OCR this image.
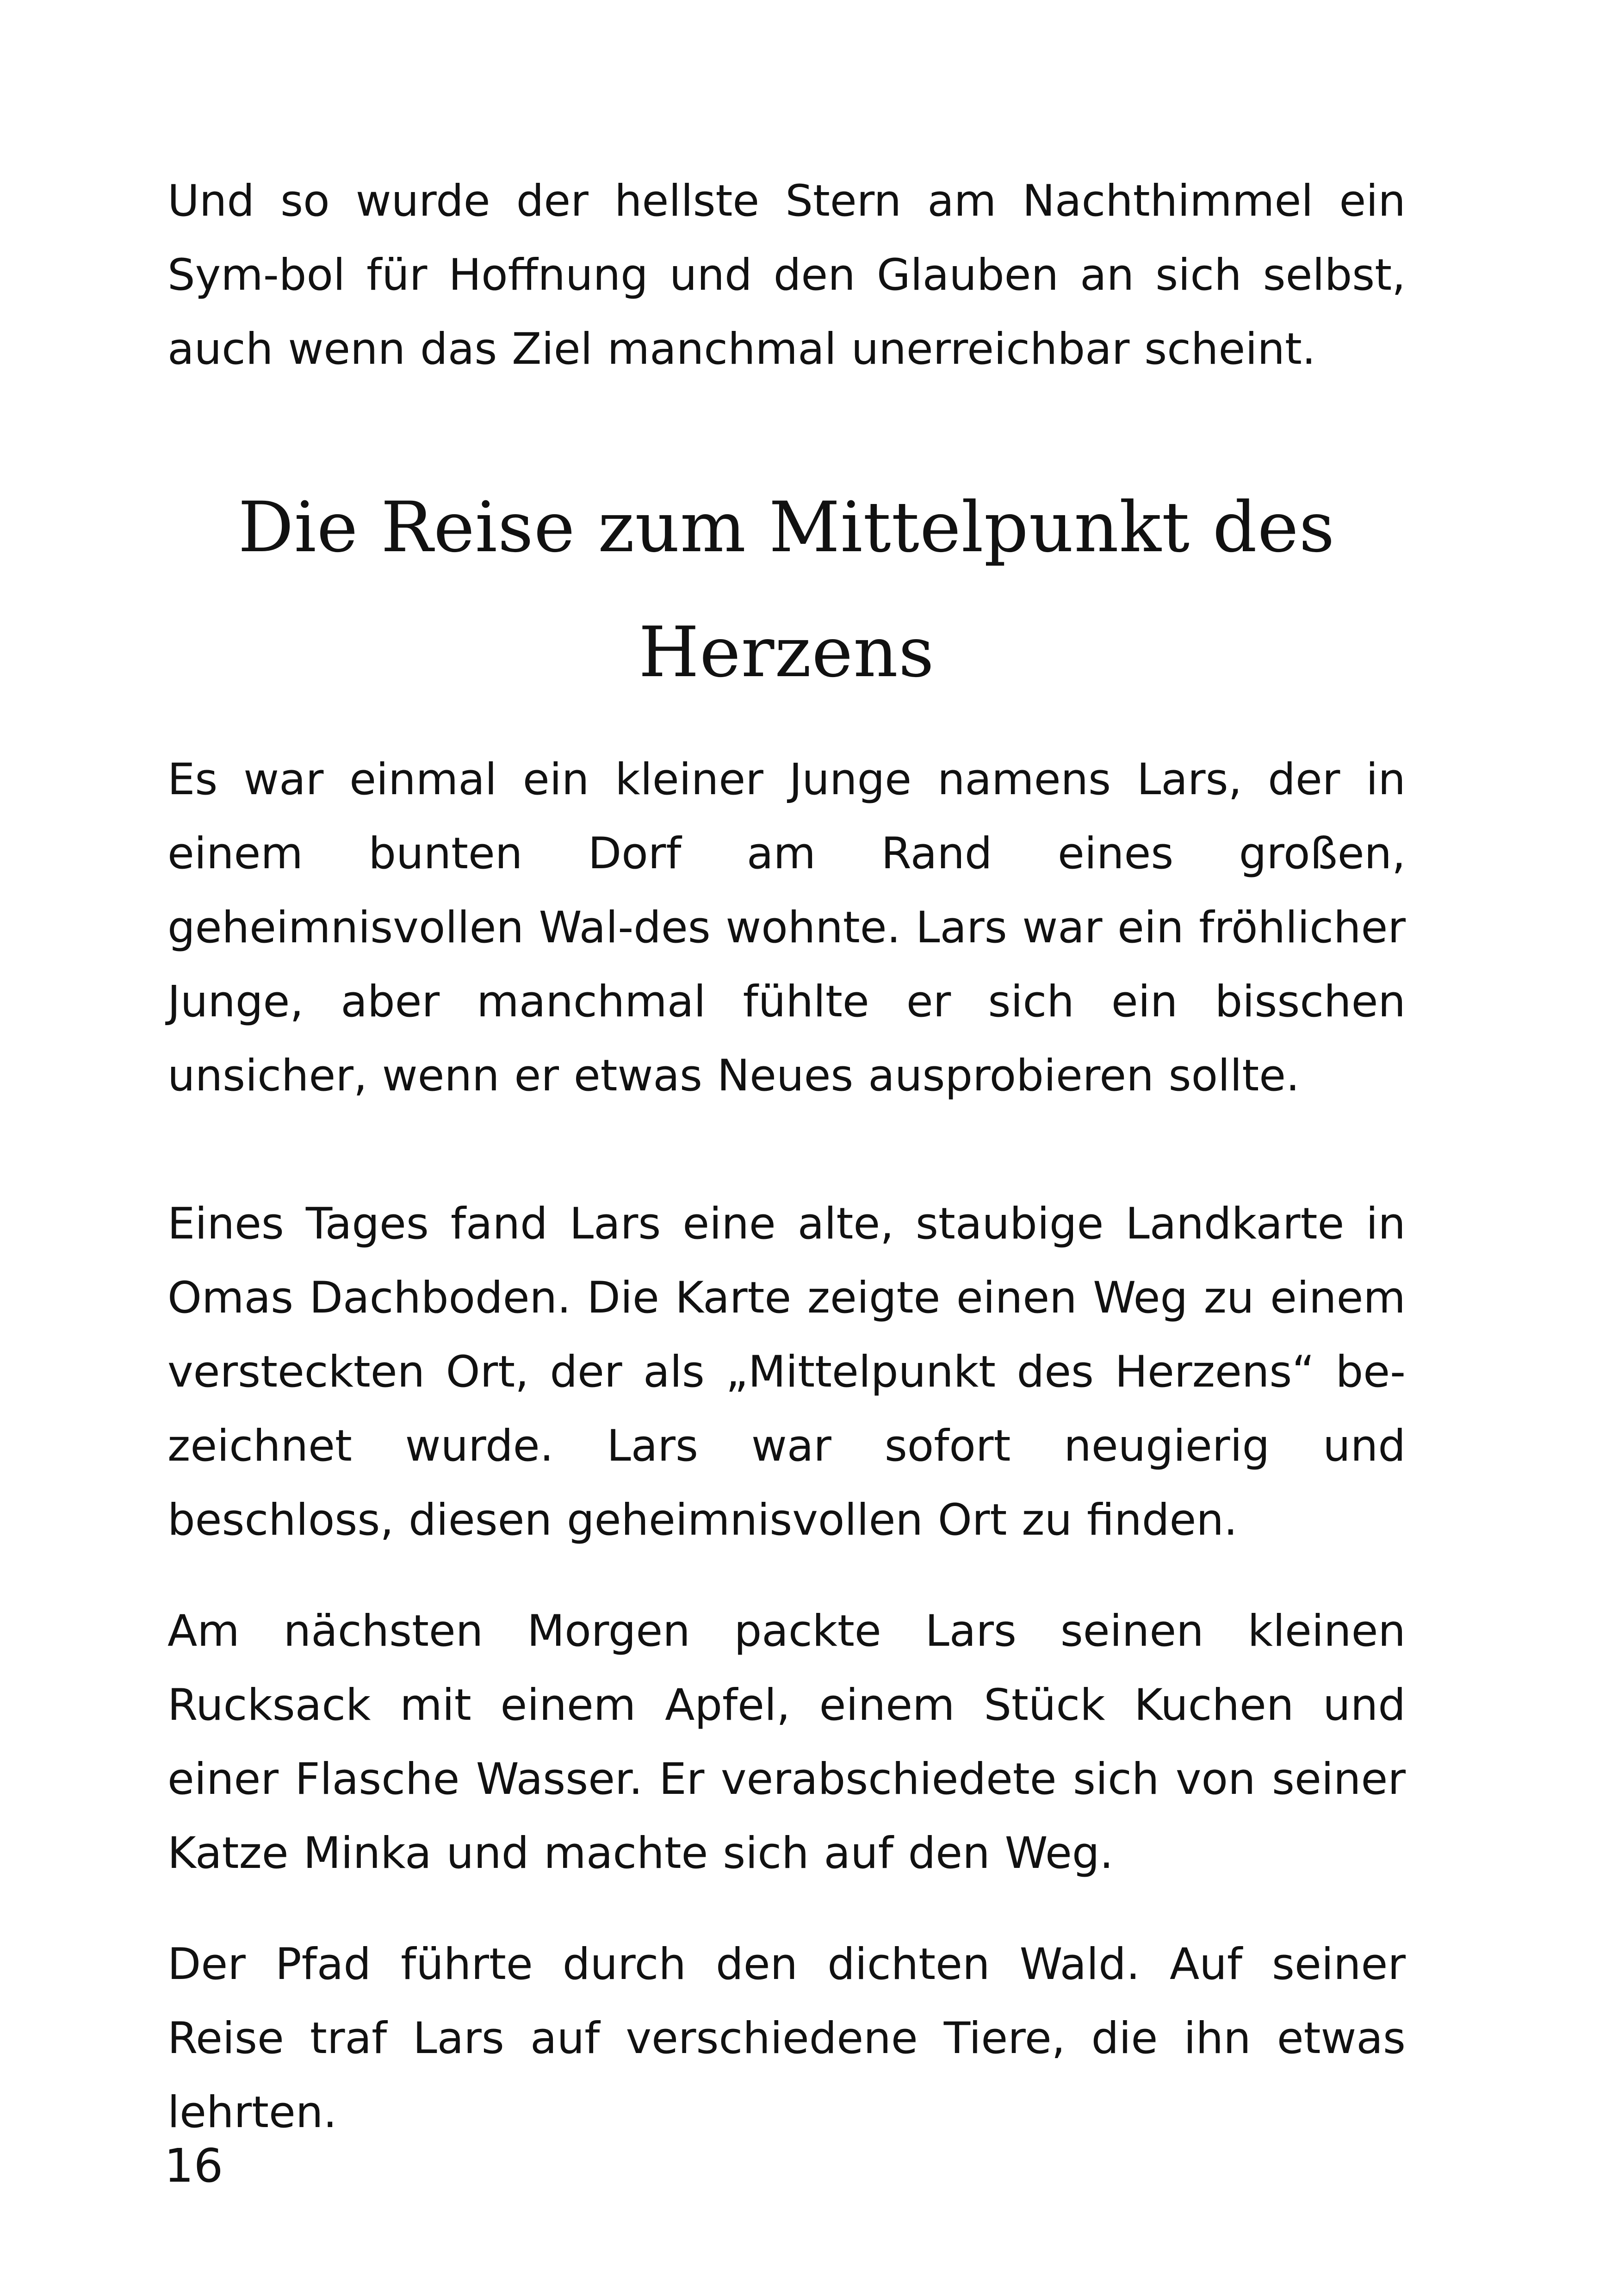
Und so wurde der hellste Stern am Nachthimmel ein Sym-bol für Hoffnung und den Glauben an sich selbst, auch wenn das Ziel manchmal unerreichbar scheint.

Die Reise zum Mittelpunkt des Herzens

Es war einmal ein kleiner Junge namens Lars, der in einem bunten Dorf am Rand eines großen, geheimnisvollen Wal-des wohnte. Lars war ein fröhlicher Junge, aber manchmal fühlte er sich ein bisschen unsicher, wenn er etwas Neues ausprobieren sollte.

Eines Tages fand Lars eine alte, staubige Landkarte in Omas Dachboden. Die Karte zeigte einen Weg zu einem versteckten Ort, der als „Mittelpunkt des Herzens“ be-zeichnet wurde. Lars war sofort neugierig und beschloss, diesen geheimnisvollen Ort zu finden.

Am nächsten Morgen packte Lars seinen kleinen Rucksack mit einem Apfel, einem Stück Kuchen und einer Flasche Wasser. Er verabschiedete sich von seiner Katze Minka und machte sich auf den Weg.

Der Pfad führte durch den dichten Wald. Auf seiner Reise traf Lars auf verschiedene Tiere, die ihn etwas lehrten.

16
